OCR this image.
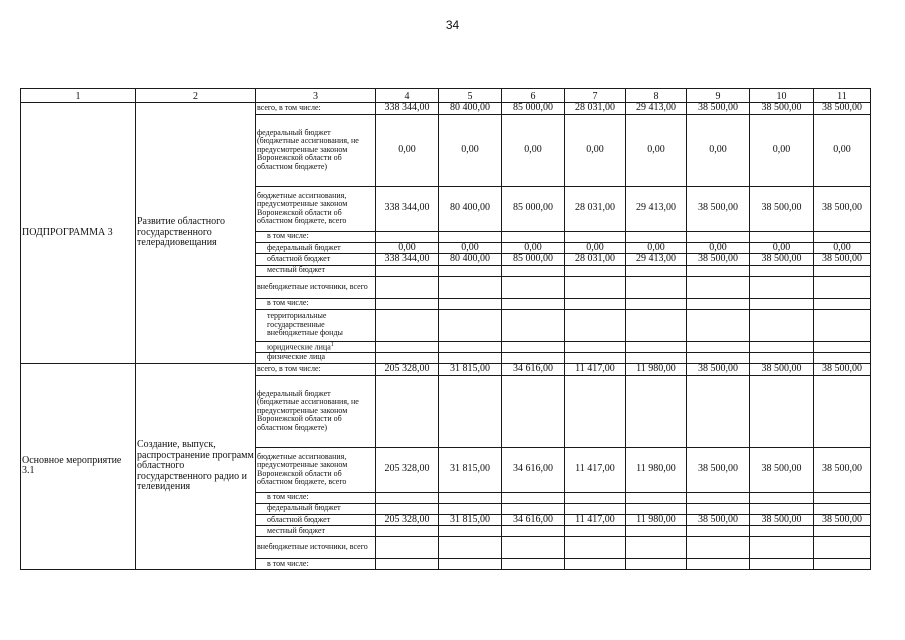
34
1	2	3	4	5	6	7	8	9	10	11
ПОДПРОГРАММА 3	Развитие областного государственного телерадиовещания	всего, в том числе:	338 344,00	80 400,00	85 000,00	28 031,00	29 413,00	38 500,00	38 500,00	38 500,00
		федеральный бюджет (бюджетные ассигнования, не предусмотренные законом Воронежской области об областном бюджете)	0,00	0,00	0,00	0,00	0,00	0,00	0,00	0,00
		бюджетные ассигнования, предусмотренные законом Воронежской области об областном бюджете, всего	338 344,00	80 400,00	85 000,00	28 031,00	29 413,00	38 500,00	38 500,00	38 500,00
		в том числе:								
		федеральный бюджет	0,00	0,00	0,00	0,00	0,00	0,00	0,00	0,00
		областной бюджет	338 344,00	80 400,00	85 000,00	28 031,00	29 413,00	38 500,00	38 500,00	38 500,00
		местный бюджет								
		внебюджетные источники, всего								
		в том числе:								
		территориальные государственные внебюджетные фонды								
		юридические лица$^1$								
		физические лица								
Основное мероприятие 3.1	Создание, выпуск, распространение программ областного государственного радио и телевидения	всего, в том числе:	205 328,00	31 815,00	34 616,00	11 417,00	11 980,00	38 500,00	38 500,00	38 500,00
		федеральный бюджет (бюджетные ассигнования, не предусмотренные законом Воронежской области об областном бюджете)								
		бюджетные ассигнования, предусмотренные законом Воронежской области об областном бюджете, всего	205 328,00	31 815,00	34 616,00	11 417,00	11 980,00	38 500,00	38 500,00	38 500,00
		в том числе:								
		федеральный бюджет								
		областной бюджет	205 328,00	31 815,00	34 616,00	11 417,00	11 980,00	38 500,00	38 500,00	38 500,00
		местный бюджет								
		внебюджетные источники, всего								
		в том числе:								
